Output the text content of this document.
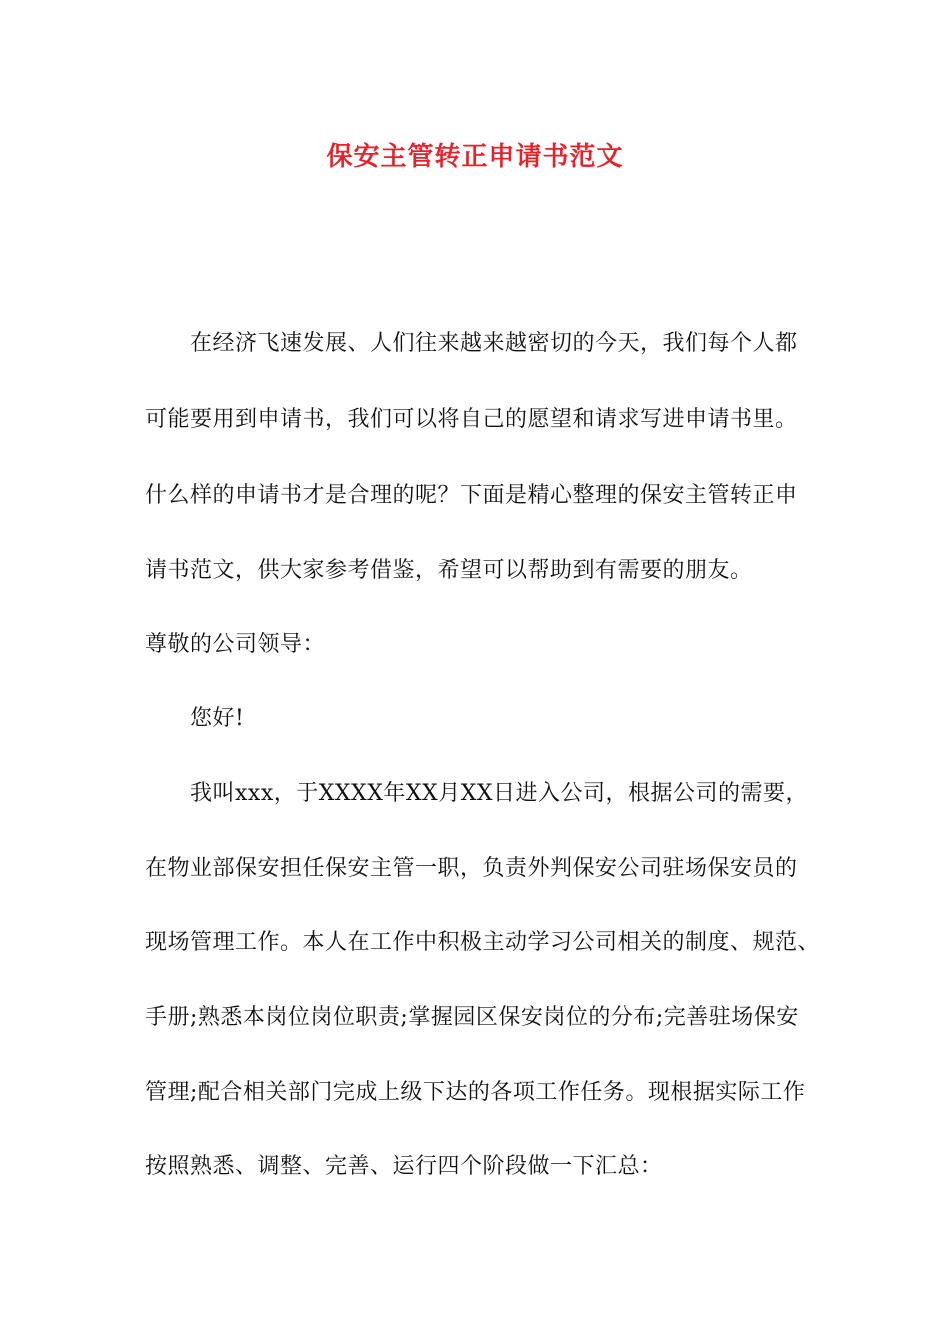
保安主管转正申请书范文
在经济飞速发展、人们往来越来越密切的今天，我们每个人都
可能要用到申请书，我们可以将自己的愿望和请求写进申请书里。
什么样的申请书才是合理的呢？下面是精心整理的保安主管转正申
请书范文，供大家参考借鉴，希望可以帮助到有需要的朋友。
尊敬的公司领导：
您好!
我叫xxx，于XXXX年XX月XX日进入公司，根据公司的需要，
在物业部保安担任保安主管一职，负责外判保安公司驻场保安员的
现场管理工作。本人在工作中积极主动学习公司相关的制度、规范、
手册;熟悉本岗位岗位职责;掌握园区保安岗位的分布;完善驻场保安
管理;配合相关部门完成上级下达的各项工作任务。现根据实际工作
按照熟悉、调整、完善、运行四个阶段做一下汇总：
